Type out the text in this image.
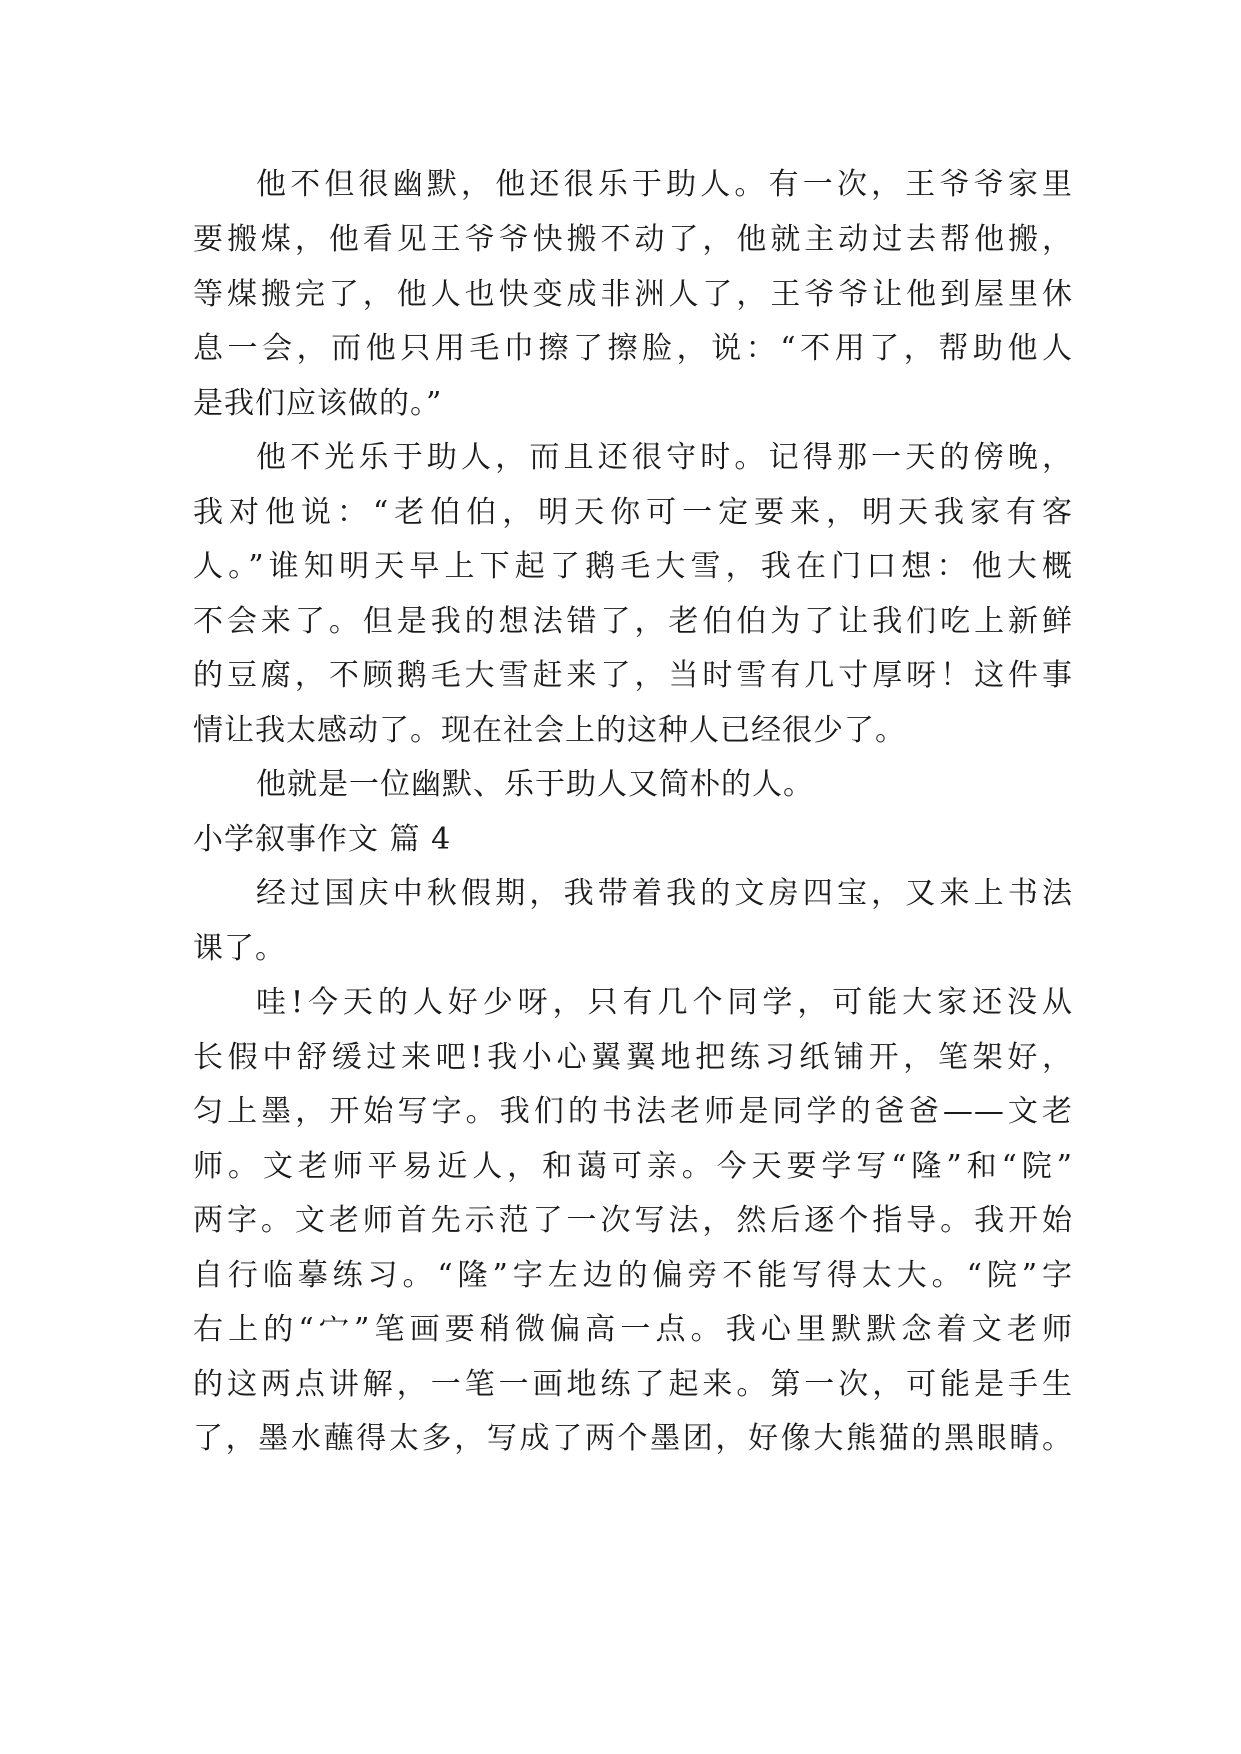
他不但很幽默，他还很乐于助人。有一次，王爷爷家里
要搬煤，他看见王爷爷快搬不动了，他就主动过去帮他搬，
等煤搬完了，他人也快变成非洲人了，王爷爷让他到屋里休
息一会，而他只用毛巾擦了擦脸，说：“不用了，帮助他人
是我们应该做的。”
他不光乐于助人，而且还很守时。记得那一天的傍晚，
我对他说：“老伯伯，明天你可一定要来，明天我家有客
人。”谁知明天早上下起了鹅毛大雪，我在门口想：他大概
不会来了。但是我的想法错了，老伯伯为了让我们吃上新鲜
的豆腐，不顾鹅毛大雪赶来了，当时雪有几寸厚呀！这件事
情让我太感动了。现在社会上的这种人已经很少了。
他就是一位幽默、乐于助人又简朴的人。
小学叙事作文 篇 4
经过国庆中秋假期，我带着我的文房四宝，又来上书法
课了。
哇!今天的人好少呀，只有几个同学，可能大家还没从
长假中舒缓过来吧!我小心翼翼地把练习纸铺开，笔架好，
匀上墨，开始写字。我们的书法老师是同学的爸爸——文老
师。文老师平易近人，和蔼可亲。今天要学写“隆”和“院”
两字。文老师首先示范了一次写法，然后逐个指导。我开始
自行临摹练习。“隆”字左边的偏旁不能写得太大。“院”字
右上的“宀”笔画要稍微偏高一点。我心里默默念着文老师
的这两点讲解，一笔一画地练了起来。第一次，可能是手生
了，墨水蘸得太多，写成了两个墨团，好像大熊猫的黑眼睛。
